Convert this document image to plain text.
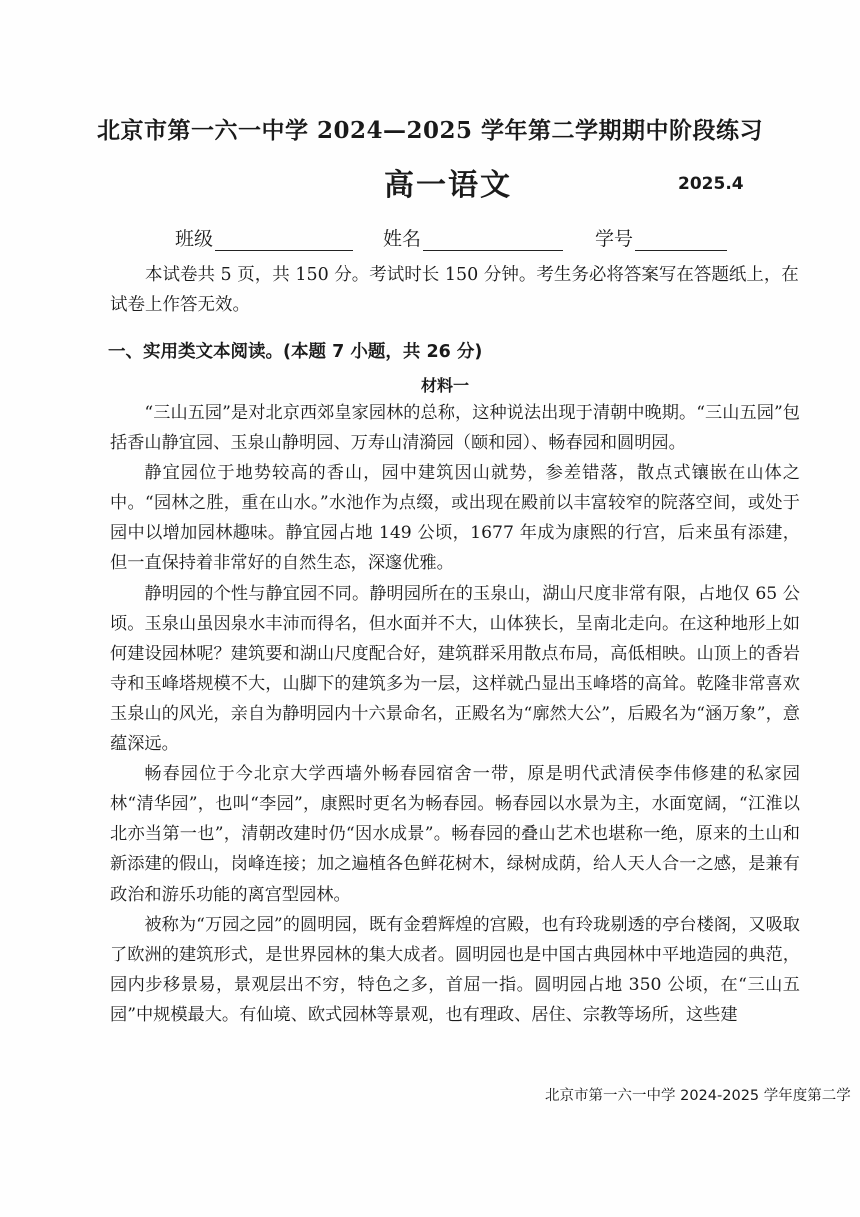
北京市第一六一中学 2024—2025 学年第二学期期中阶段练习
高一语文	2025.4
班级	姓名	学号

本试卷共 5 页，共 150 分。考试时长 150 分钟。考生务必将答案写在答题纸上，在试卷上作答无效。

一、实用类文本阅读。(本题 7 小题，共 26 分)
材料一

“三山五园”是对北京西郊皇家园林的总称，这种说法出现于清朝中晚期。“三山五园”包括香山静宜园、玉泉山静明园、万寿山清漪园（颐和园）、畅春园和圆明园。

静宜园位于地势较高的香山，园中建筑因山就势，参差错落，散点式镶嵌在山体之中。“园林之胜，重在山水。”水池作为点缀，或出现在殿前以丰富较窄的院落空间，或处于园中以增加园林趣味。静宜园占地 149 公顷，1677 年成为康熙的行宫，后来虽有添建，但一直保持着非常好的自然生态，深邃优雅。

静明园的个性与静宜园不同。静明园所在的玉泉山，湖山尺度非常有限，占地仅 65 公顷。玉泉山虽因泉水丰沛而得名，但水面并不大，山体狭长，呈南北走向。在这种地形上如何建设园林呢？建筑要和湖山尺度配合好，建筑群采用散点布局，高低相映。山顶上的香岩寺和玉峰塔规模不大，山脚下的建筑多为一层，这样就凸显出玉峰塔的高耸。乾隆非常喜欢玉泉山的风光，亲自为静明园内十六景命名，正殿名为“廓然大公”，后殿名为“涵万象”，意蕴深远。

畅春园位于今北京大学西墙外畅春园宿舍一带，原是明代武清侯李伟修建的私家园林“清华园”，也叫“李园”，康熙时更名为畅春园。畅春园以水景为主，水面宽阔，“江淮以北亦当第一也”，清朝改建时仍“因水成景”。畅春园的叠山艺术也堪称一绝，原来的土山和新添建的假山，岗峰连接；加之遍植各色鲜花树木，绿树成荫，给人天人合一之感，是兼有政治和游乐功能的离宫型园林。

被称为“万园之园”的圆明园，既有金碧辉煌的宫殿，也有玲珑剔透的亭台楼阁，又吸取了欧洲的建筑形式，是世界园林的集大成者。圆明园也是中国古典园林中平地造园的典范，园内步移景易，景观层出不穷，特色之多，首屈一指。圆明园占地 350 公顷，在“三山五园”中规模最大。有仙境、欧式园林等景观，也有理政、居住、宗教等场所，这些建

北京市第一六一中学 2024-2025 学年度第二学
